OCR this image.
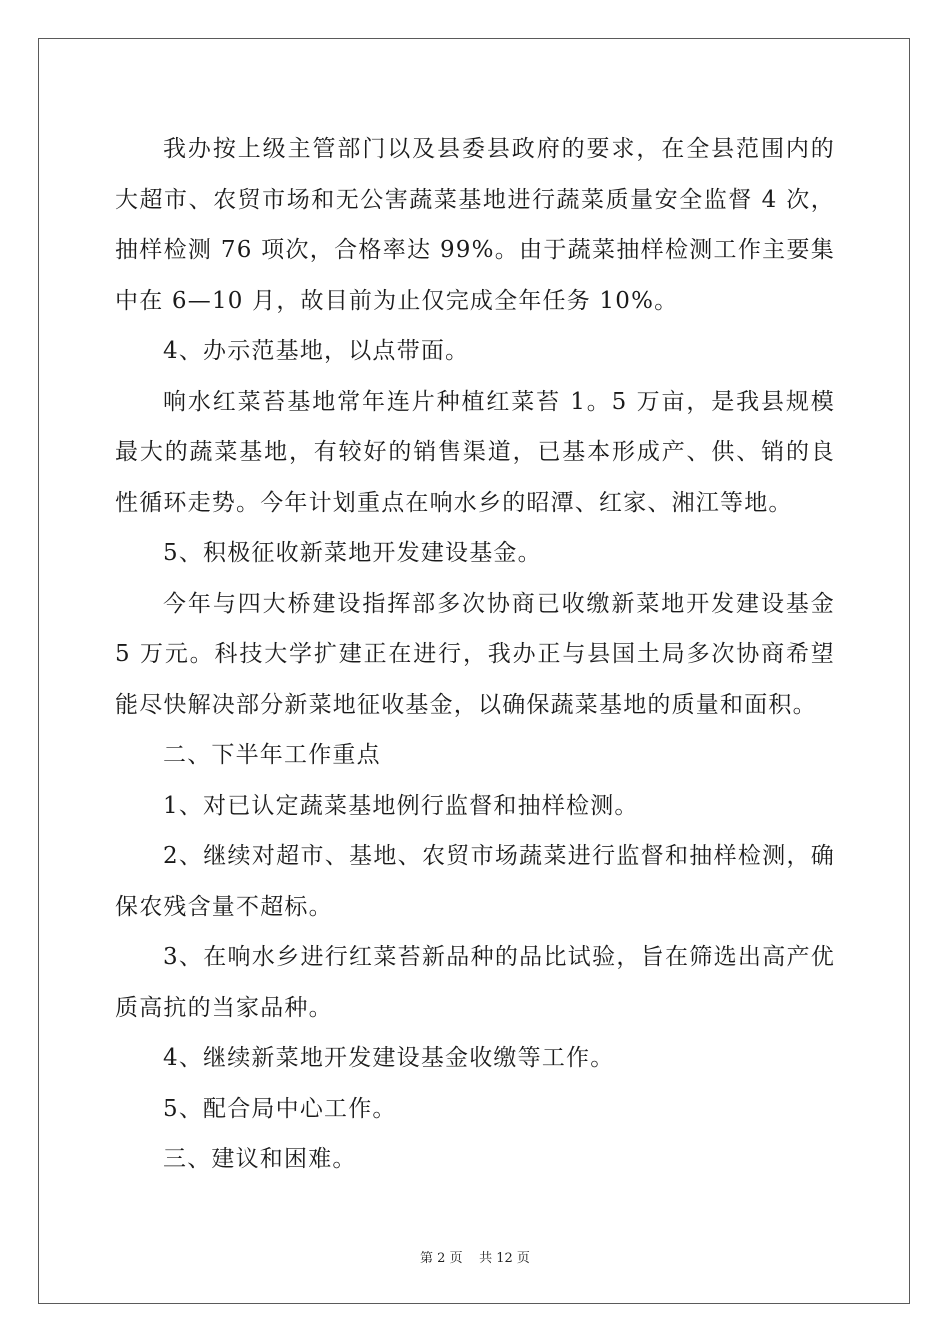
我办按上级主管部门以及县委县政府的要求，在全县范围内的大超市、农贸市场和无公害蔬菜基地进行蔬菜质量安全监督 4 次，抽样检测 76 项次，合格率达 99%。由于蔬菜抽样检测工作主要集中在 6—10 月，故目前为止仅完成全年任务 10%。

4、办示范基地，以点带面。

响水红菜苔基地常年连片种植红菜苔 1。5 万亩，是我县规模最大的蔬菜基地，有较好的销售渠道，已基本形成产、供、销的良性循环走势。今年计划重点在响水乡的昭潭、红家、湘江等地。

5、积极征收新菜地开发建设基金。

今年与四大桥建设指挥部多次协商已收缴新菜地开发建设基金 5 万元。科技大学扩建正在进行，我办正与县国土局多次协商希望能尽快解决部分新菜地征收基金，以确保蔬菜基地的质量和面积。

二、下半年工作重点

1、对已认定蔬菜基地例行监督和抽样检测。

2、继续对超市、基地、农贸市场蔬菜进行监督和抽样检测，确保农残含量不超标。

3、在响水乡进行红菜苔新品种的品比试验，旨在筛选出高产优质高抗的当家品种。

4、继续新菜地开发建设基金收缴等工作。

5、配合局中心工作。

三、建议和困难。

第 2 页 共 12 页
